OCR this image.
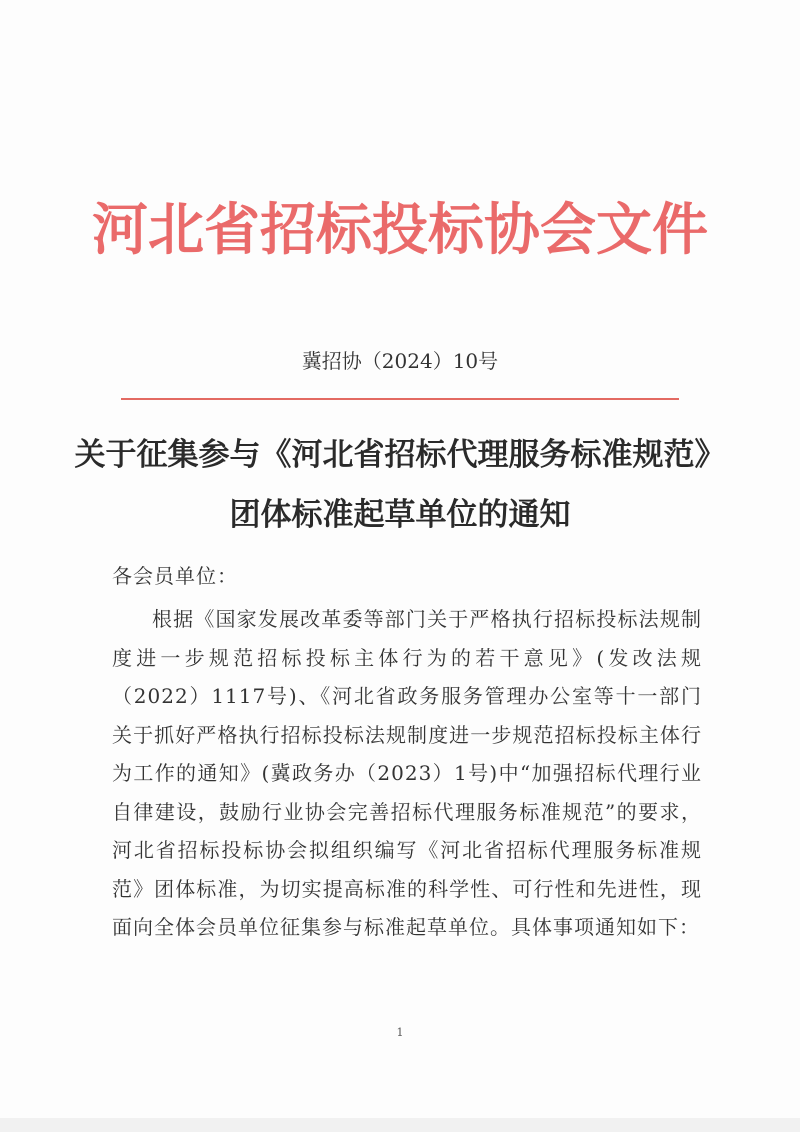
河北省招标投标协会文件
冀招协（2024）10号
关于征集参与《河北省招标代理服务标准规范》
团体标准起草单位的通知
各会员单位：

根据《国家发展改革委等部门关于严格执行招标投标法规制度进一步规范招标投标主体行为的若干意见》(发改法规（2022）1117号)、《河北省政务服务管理办公室等十一部门关于抓好严格执行招标投标法规制度进一步规范招标投标主体行为工作的通知》(冀政务办（2023）1号)中“加强招标代理行业自律建设，鼓励行业协会完善招标代理服务标准规范”的要求，河北省招标投标协会拟组织编写《河北省招标代理服务标准规范》团体标准，为切实提高标准的科学性、可行性和先进性，现面向全体会员单位征集参与标准起草单位。具体事项通知如下：

1
